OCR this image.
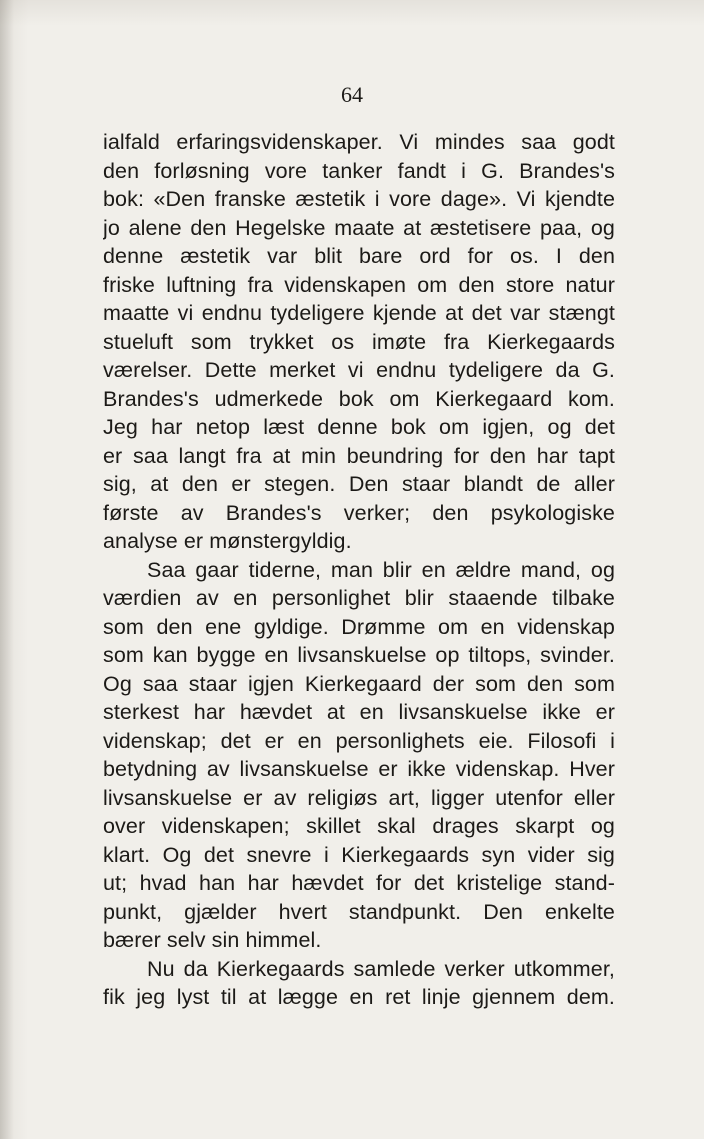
64
ialfald erfaringsvidenskaper. Vi mindes saa godt
den forløsning vore tanker fandt i G. Brandes's
bok: «Den franske æstetik i vore dage». Vi kjendte
jo alene den Hegelske maate at æstetisere paa, og
denne æstetik var blit bare ord for os. I den
friske luftning fra videnskapen om den store natur
maatte vi endnu tydeligere kjende at det var stængt
stueluft som trykket os imøte fra Kierkegaards
værelser. Dette merket vi endnu tydeligere da G.
Brandes's udmerkede bok om Kierkegaard kom.
Jeg har netop læst denne bok om igjen, og det
er saa langt fra at min beundring for den har tapt
sig, at den er stegen. Den staar blandt de aller
første av Brandes's verker; den psykologiske
analyse er mønstergyldig.
Saa gaar tiderne, man blir en ældre mand, og
værdien av en personlighet blir staaende tilbake
som den ene gyldige. Drømme om en videnskap
som kan bygge en livsanskuelse op tiltops, svinder.
Og saa staar igjen Kierkegaard der som den som
sterkest har hævdet at en livsanskuelse ikke er
videnskap; det er en personlighets eie. Filosofi i
betydning av livsanskuelse er ikke videnskap. Hver
livsanskuelse er av religiøs art, ligger utenfor eller
over videnskapen; skillet skal drages skarpt og
klart. Og det snevre i Kierkegaards syn vider sig
ut; hvad han har hævdet for det kristelige stand-
punkt, gjælder hvert standpunkt. Den enkelte
bærer selv sin himmel.
Nu da Kierkegaards samlede verker utkommer,
fik jeg lyst til at lægge en ret linje gjennem dem.
